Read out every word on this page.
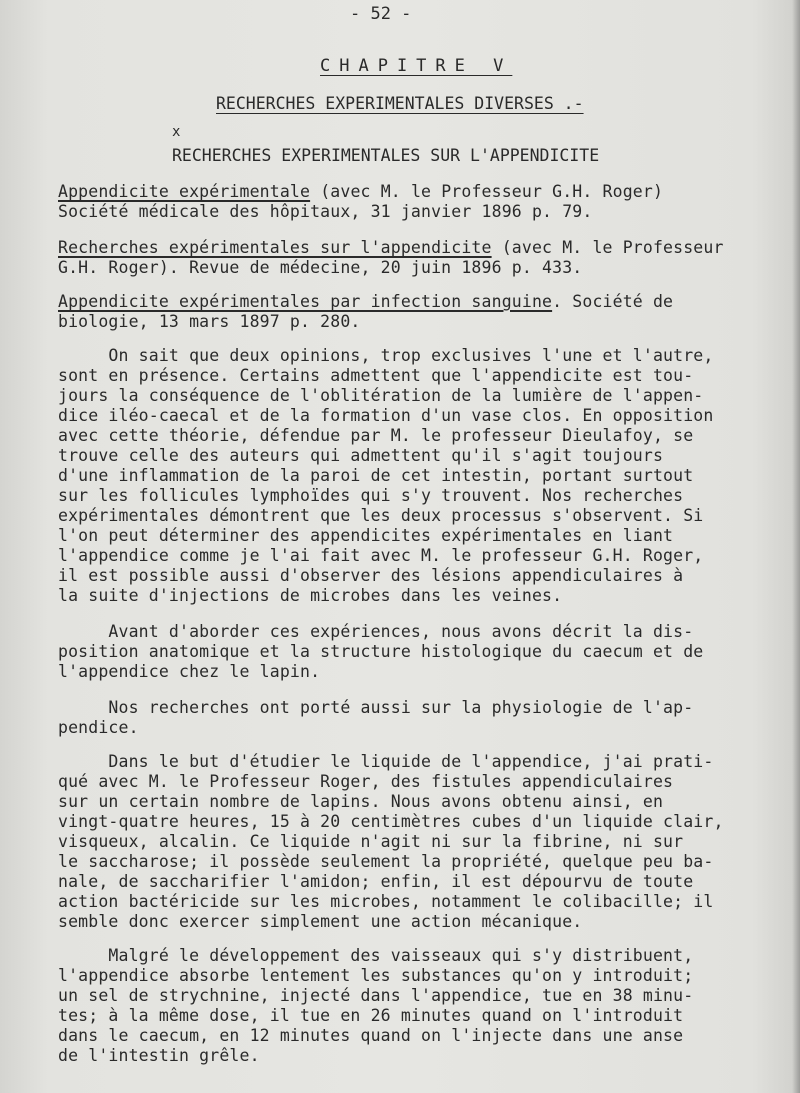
- 52 -
CHAPITRE V
RECHERCHES EXPERIMENTALES DIVERSES .-
x
RECHERCHES EXPERIMENTALES SUR L'APPENDICITE
Appendicite expérimentale (avec M. le Professeur G.H. Roger)
Société médicale des hôpitaux, 31 janvier 1896 p. 79.
Recherches expérimentales sur l'appendicite (avec M. le Professeur
G.H. Roger). Revue de médecine, 20 juin 1896 p. 433.
Appendicite expérimentales par infection sanguine. Société de
biologie, 13 mars 1897 p. 280.
On sait que deux opinions, trop exclusives l'une et l'autre,
sont en présence. Certains admettent que l'appendicite est tou-
jours la conséquence de l'oblitération de la lumière de l'appen-
dice iléo-caecal et de la formation d'un vase clos. En opposition
avec cette théorie, défendue par M. le professeur Dieulafoy, se
trouve celle des auteurs qui admettent qu'il s'agit toujours
d'une inflammation de la paroi de cet intestin, portant surtout
sur les follicules lymphoïdes qui s'y trouvent. Nos recherches
expérimentales démontrent que les deux processus s'observent. Si
l'on peut déterminer des appendicites expérimentales en liant
l'appendice comme je l'ai fait avec M. le professeur G.H. Roger,
il est possible aussi d'observer des lésions appendiculaires à
la suite d'injections de microbes dans les veines.
Avant d'aborder ces expériences, nous avons décrit la dis-
position anatomique et la structure histologique du caecum et de
l'appendice chez le lapin.
Nos recherches ont porté aussi sur la physiologie de l'ap-
pendice.
Dans le but d'étudier le liquide de l'appendice, j'ai prati-
qué avec M. le Professeur Roger, des fistules appendiculaires
sur un certain nombre de lapins. Nous avons obtenu ainsi, en
vingt-quatre heures, 15 à 20 centimètres cubes d'un liquide clair,
visqueux, alcalin. Ce liquide n'agit ni sur la fibrine, ni sur
le saccharose; il possède seulement la propriété, quelque peu ba-
nale, de saccharifier l'amidon; enfin, il est dépourvu de toute
action bactéricide sur les microbes, notamment le colibacille; il
semble donc exercer simplement une action mécanique.
Malgré le développement des vaisseaux qui s'y distribuent,
l'appendice absorbe lentement les substances qu'on y introduit;
un sel de strychnine, injecté dans l'appendice, tue en 38 minu-
tes; à la même dose, il tue en 26 minutes quand on l'introduit
dans le caecum, en 12 minutes quand on l'injecte dans une anse
de l'intestin grêle.
